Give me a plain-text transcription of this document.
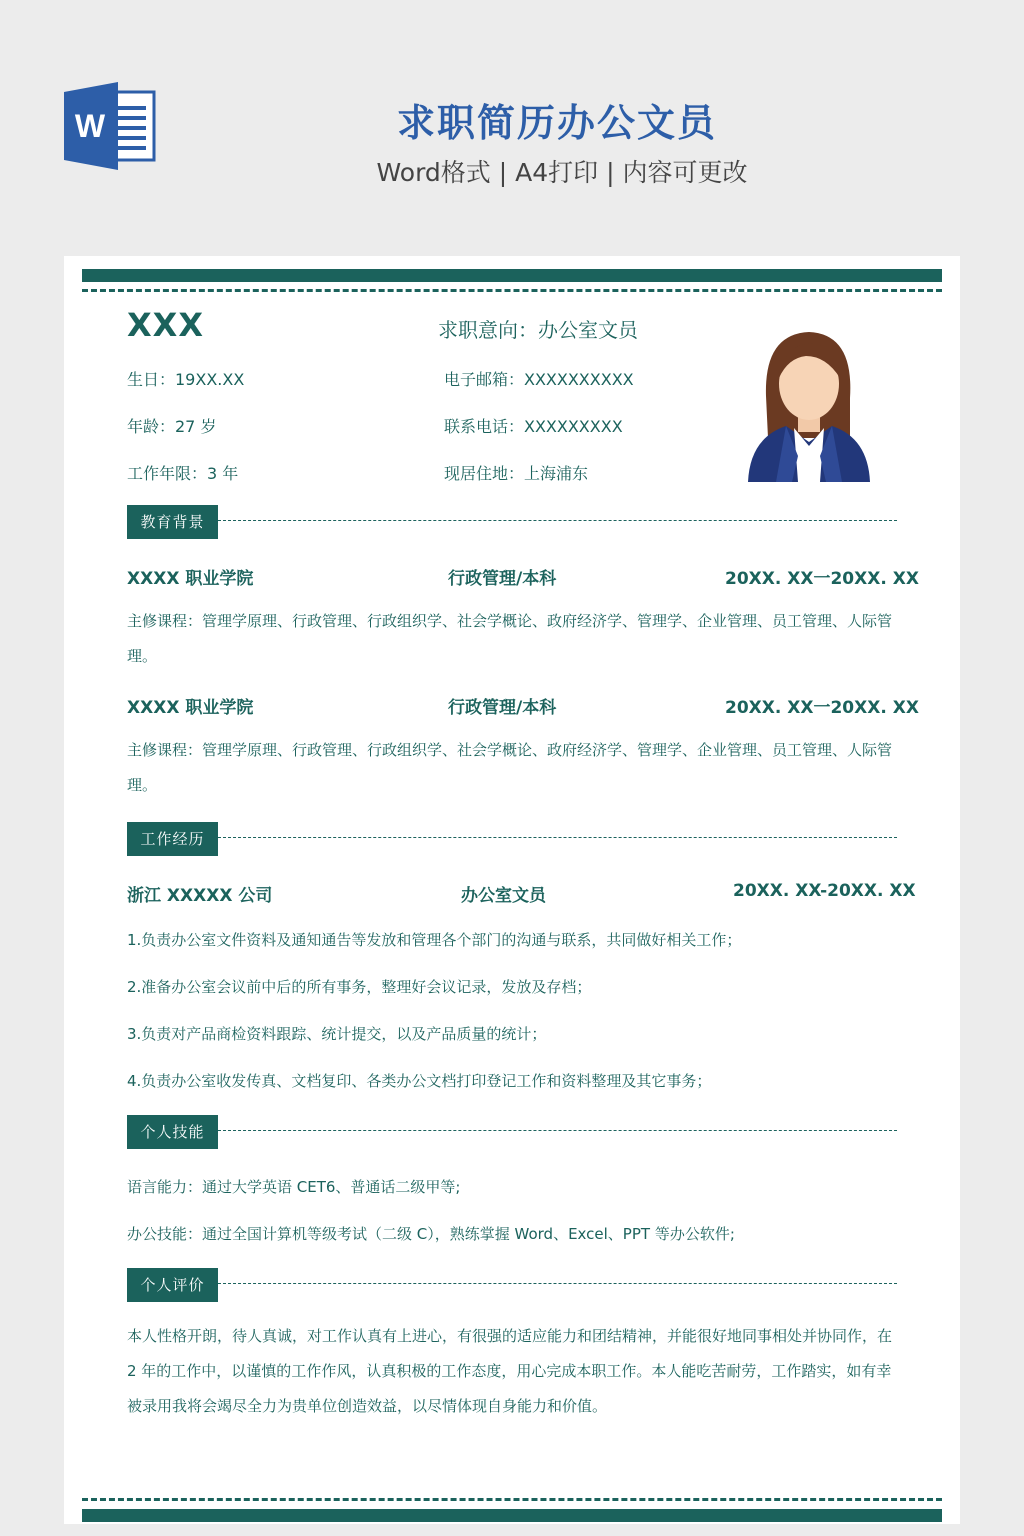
W	求职简历办公文员
Word格式 | A4打印 | 内容可更改
XXX	求职意向：办公室文员
生日：19XX.XX	电子邮箱：XXXXXXXXXX
年龄：27 岁	联系电话：XXXXXXXXX
工作年限：3 年	现居住地：上海浦东
教育背景
XXXX 职业学院	行政管理/本科	20XX. XX一20XX. XX
主修课程：管理学原理、行政管理、行政组织学、社会学概论、政府经济学、管理学、企业管理、员工管理、人际管理。
XXXX 职业学院	行政管理/本科	20XX. XX一20XX. XX
主修课程：管理学原理、行政管理、行政组织学、社会学概论、政府经济学、管理学、企业管理、员工管理、人际管理。
工作经历
浙江 XXXXX 公司	办公室文员	20XX. XX-20XX. XX
1.负责办公室文件资料及通知通告等发放和管理各个部门的沟通与联系，共同做好相关工作；
2.准备办公室会议前中后的所有事务，整理好会议记录，发放及存档；
3.负责对产品商检资料跟踪、统计提交，以及产品质量的统计；
4.负责办公室收发传真、文档复印、各类办公文档打印登记工作和资料整理及其它事务；
个人技能
语言能力：通过大学英语 CET6、普通话二级甲等;
办公技能：通过全国计算机等级考试（二级 C），熟练掌握 Word、Excel、PPT 等办公软件;
个人评价
本人性格开朗，待人真诚，对工作认真有上进心，有很强的适应能力和团结精神，并能很好地同事相处并协同作，在 2 年的工作中，以谨慎的工作作风，认真积极的工作态度，用心完成本职工作。本人能吃苦耐劳，工作踏实，如有幸被录用我将会竭尽全力为贵单位创造效益，以尽情体现自身能力和价值。
